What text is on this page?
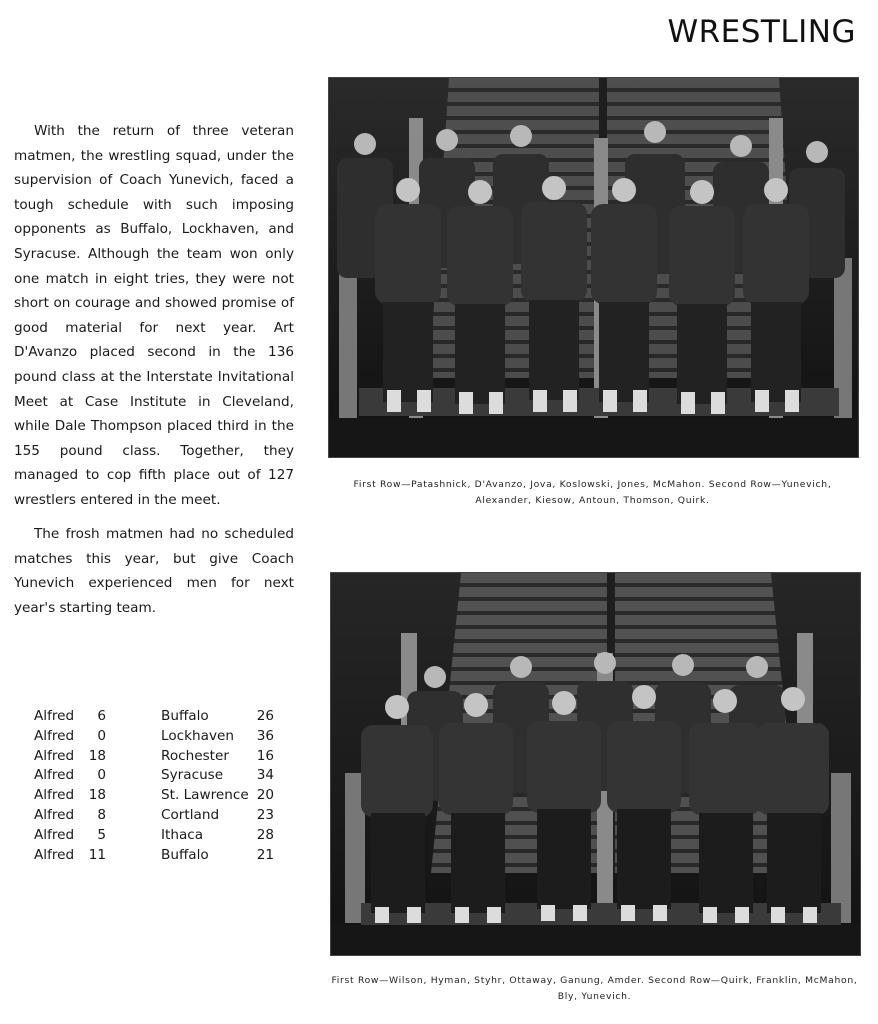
WRESTLING

With the return of three veteran matmen, the wrestling squad, under the supervision of Coach Yunevich, faced a tough schedule with such imposing opponents as Buffalo, Lockhaven, and Syracuse. Although the team won only one match in eight tries, they were not short on courage and showed promise of good material for next year. Art D'Avanzo placed second in the 136 pound class at the Interstate Invitational Meet at Case Institute in Cleveland, while Dale Thompson placed third in the 155 pound class. Together, they managed to cop fifth place out of 127 wrestlers entered in the meet.

The frosh matmen had no scheduled matches this year, but give Coach Yunevich experienced men for next year's starting team.

First Row—Patashnick, D'Avanzo, Jova, Koslowski, Jones, McMahon. Second Row—Yunevich, Alexander, Kiesow, Antoun, Thomson, Quirk.

First Row—Wilson, Hyman, Styhr, Ottaway, Ganung, Amder. Second Row—Quirk, Franklin, McMahon, Bly, Yunevich.

Alfred	6	Buffalo	26
Alfred	0	Lockhaven	36
Alfred	18	Rochester	16
Alfred	0	Syracuse	34
Alfred	18	St. Lawrence 20
Alfred	8	Cortland	23
Alfred	5	Ithaca	28
Alfred	11	Buffalo	21
